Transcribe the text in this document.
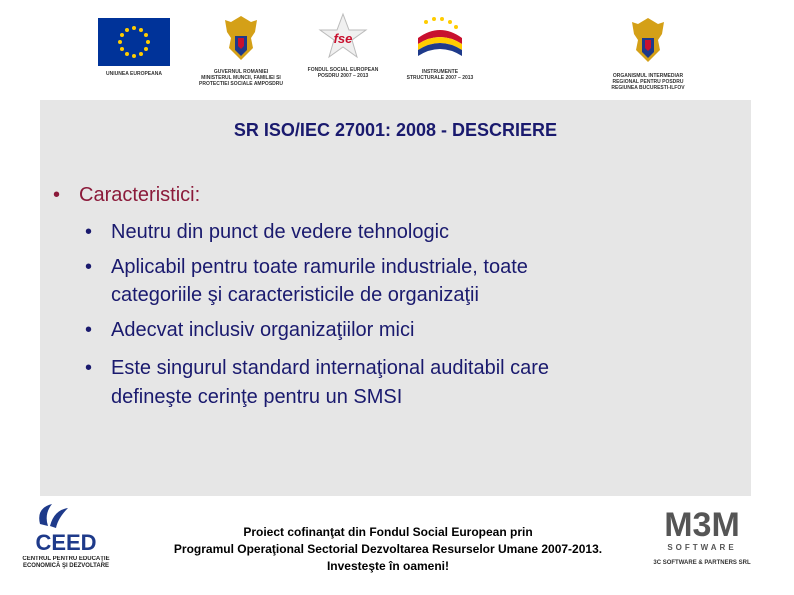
UNIUNEA EUROPEANA	GUVERNUL ROMANIEI MINISTERUL MUNCII, FAMILIEI SI PROTECTIEI SOCIALE AMPOSDRU
fse
FONDUL SOCIAL EUROPEAN POSDRU 2007 – 2013
INSTRUMENTE STRUCTURALE 2007 – 2013	ORGANISMUL INTERMEDIAR REGIONAL PENTRU POSDRU REGIUNEA BUCURESTI-ILFOV
SR ISO/IEC 27001: 2008 - DESCRIERE
• Caracteristici:
• Neutru din punct de vedere tehnologic
• Aplicabil pentru toate ramurile industriale, toate
categoriile şi caracteristicile de organizaţii
• Adecvat inclusiv organizaţiilor mici
• Este singurul standard internaţional auditabil care
defineşte cerinţe pentru un SMSI
CEED
CENTRUL PENTRU EDUCAŢIE ECONOMICĂ ŞI DEZVOLTARE
Proiect cofinanţat din Fondul Social European prin
Programul Operaţional Sectorial Dezvoltarea Resurselor Umane 2007-2013.
Investeşte în oameni!
M3M
SOFTWARE
3C SOFTWARE & PARTNERS SRL
